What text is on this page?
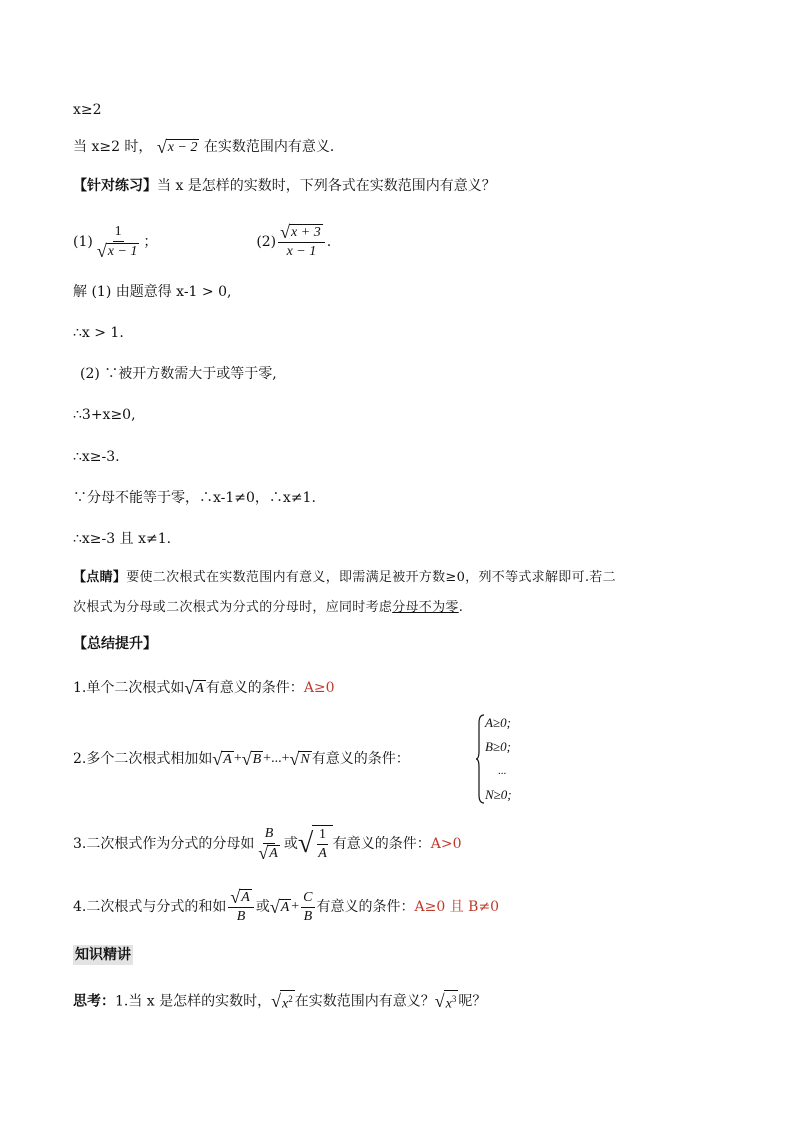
x≥2
当 x≥2 时， √x − 2 在实数范围内有意义．
【针对练习】当 x 是怎样的实数时，下列各式在实数范围内有意义？
$(1) \frac{1}{√x - 1}$ ；	$(2) \frac{√x + 3}{x - 1}$ .
解 (1) 由题意得 x-1 > 0,
∴x > 1.
(2) ∵被开方数需大于或等于零,
∴3+x≥0,
∴x≥-3.
∵分母不能等于零，∴x-1≠0，∴x≠1.
∴x≥-3 且 x≠1.
【点睛】要使二次根式在实数范围内有意义，即需满足被开方数≥0，列不等式求解即可.若二
次根式为分母或二次根式为分式的分母时，应同时考虑分母不为零.
【总结提升】
1.单个二次根式如√A 有意义的条件：A≥0
2.多个二次根式相加如√A+√B+...+√N 有意义的条件：
A≥0;
B≥0;
...
N≥0;
3.二次根式作为分式的分母如 $\frac{B}{√A}$ 或√ $\frac{1}{A}$ 有意义的条件：A>0
4.二次根式与分式的和如 $\frac{√A}{B}$ 或$√A+ \frac{C}{B}$ 有意义的条件：A≥0 且 B≠0
知识精讲
思考：1.当 x 是怎样的实数时，$√x^2$ 在实数范围内有意义？$√x^3$ 呢？
